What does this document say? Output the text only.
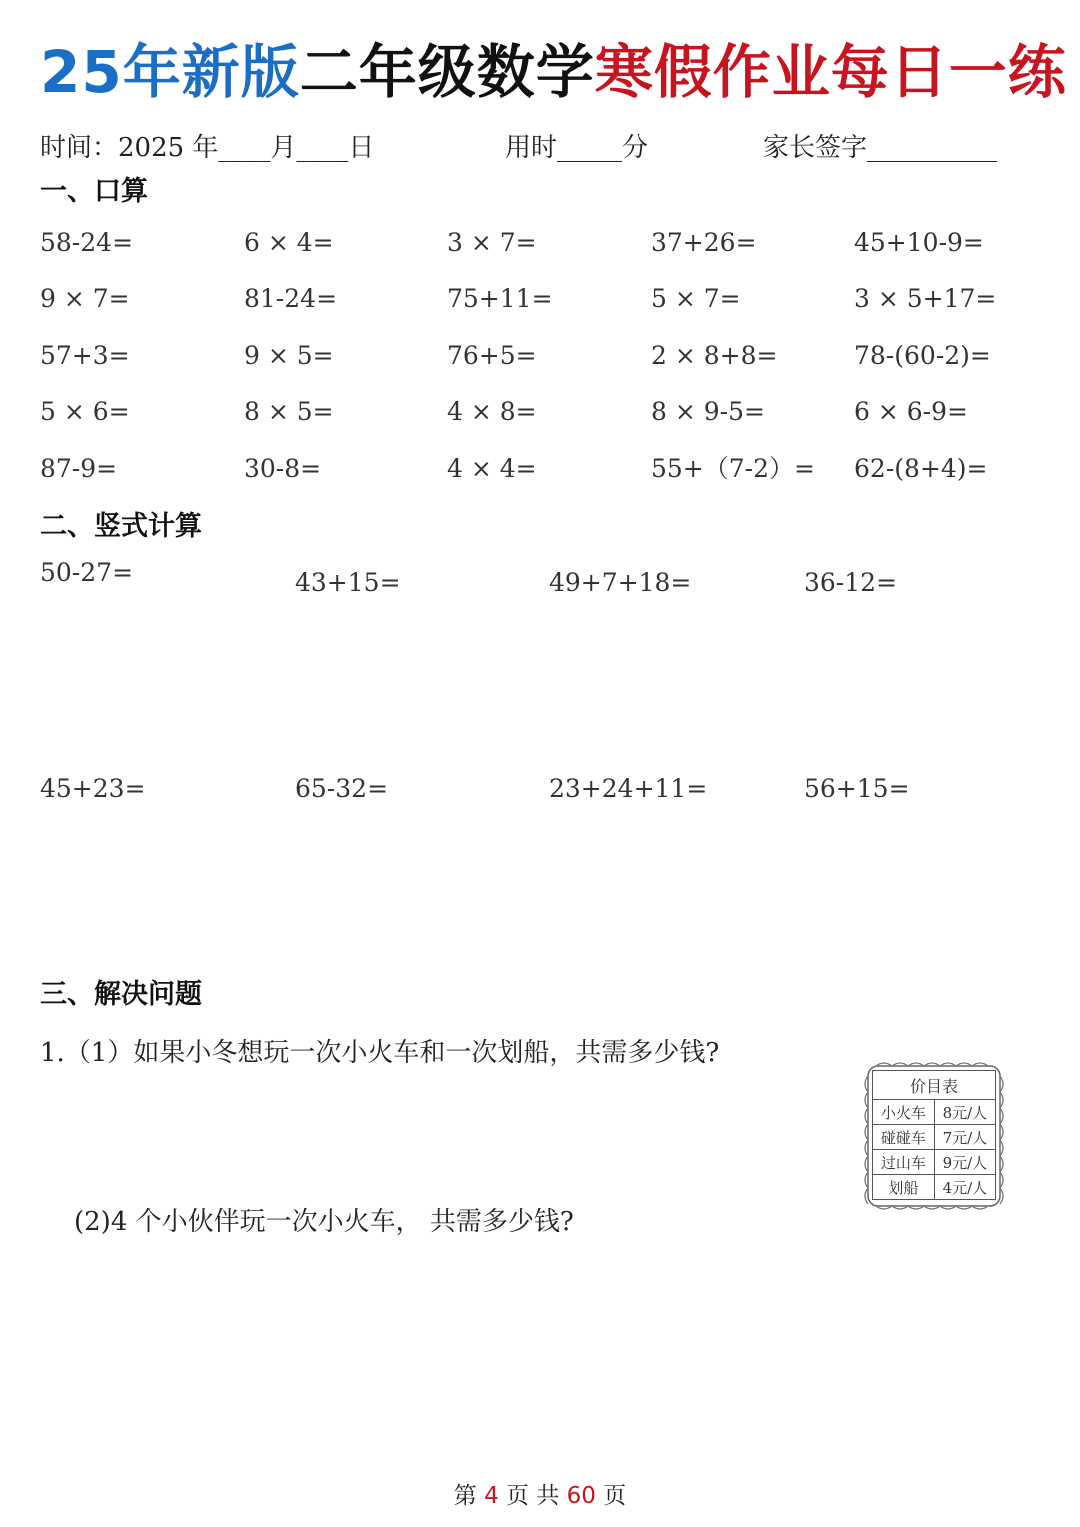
25年新版二年级数学寒假作业每日一练
时间：2025 年____月____日	用时_____分	家长签字__________
一、口算
58-24=	6 × 4=	3 × 7=	37+26=	45+10-9=
9 × 7=	81-24=	75+11=	5 × 7=	3 × 5+17=
57+3=	9 × 5=	76+5=	2 × 8+8=	78-(60-2)=
5 × 6=	8 × 5=	4 × 8=	8 × 9-5=	6 × 6-9=
87-9=	30-8=	4 × 4=	55+（7-2）= 62-(8+4)=
二、竖式计算
50-27=	43+15=	49+7+18=	36-12=
45+23=	65-32=	23+24+11=	56+15=
三、解决问题
1.（1）如果小冬想玩一次小火车和一次划船，共需多少钱?
(2)4 个小伙伴玩一次小火车， 共需多少钱?
价目表	
小火车	8元/人
碰碰车	7元/人
过山车	9元/人
划船	4元/人
第 4 页 共 60 页
